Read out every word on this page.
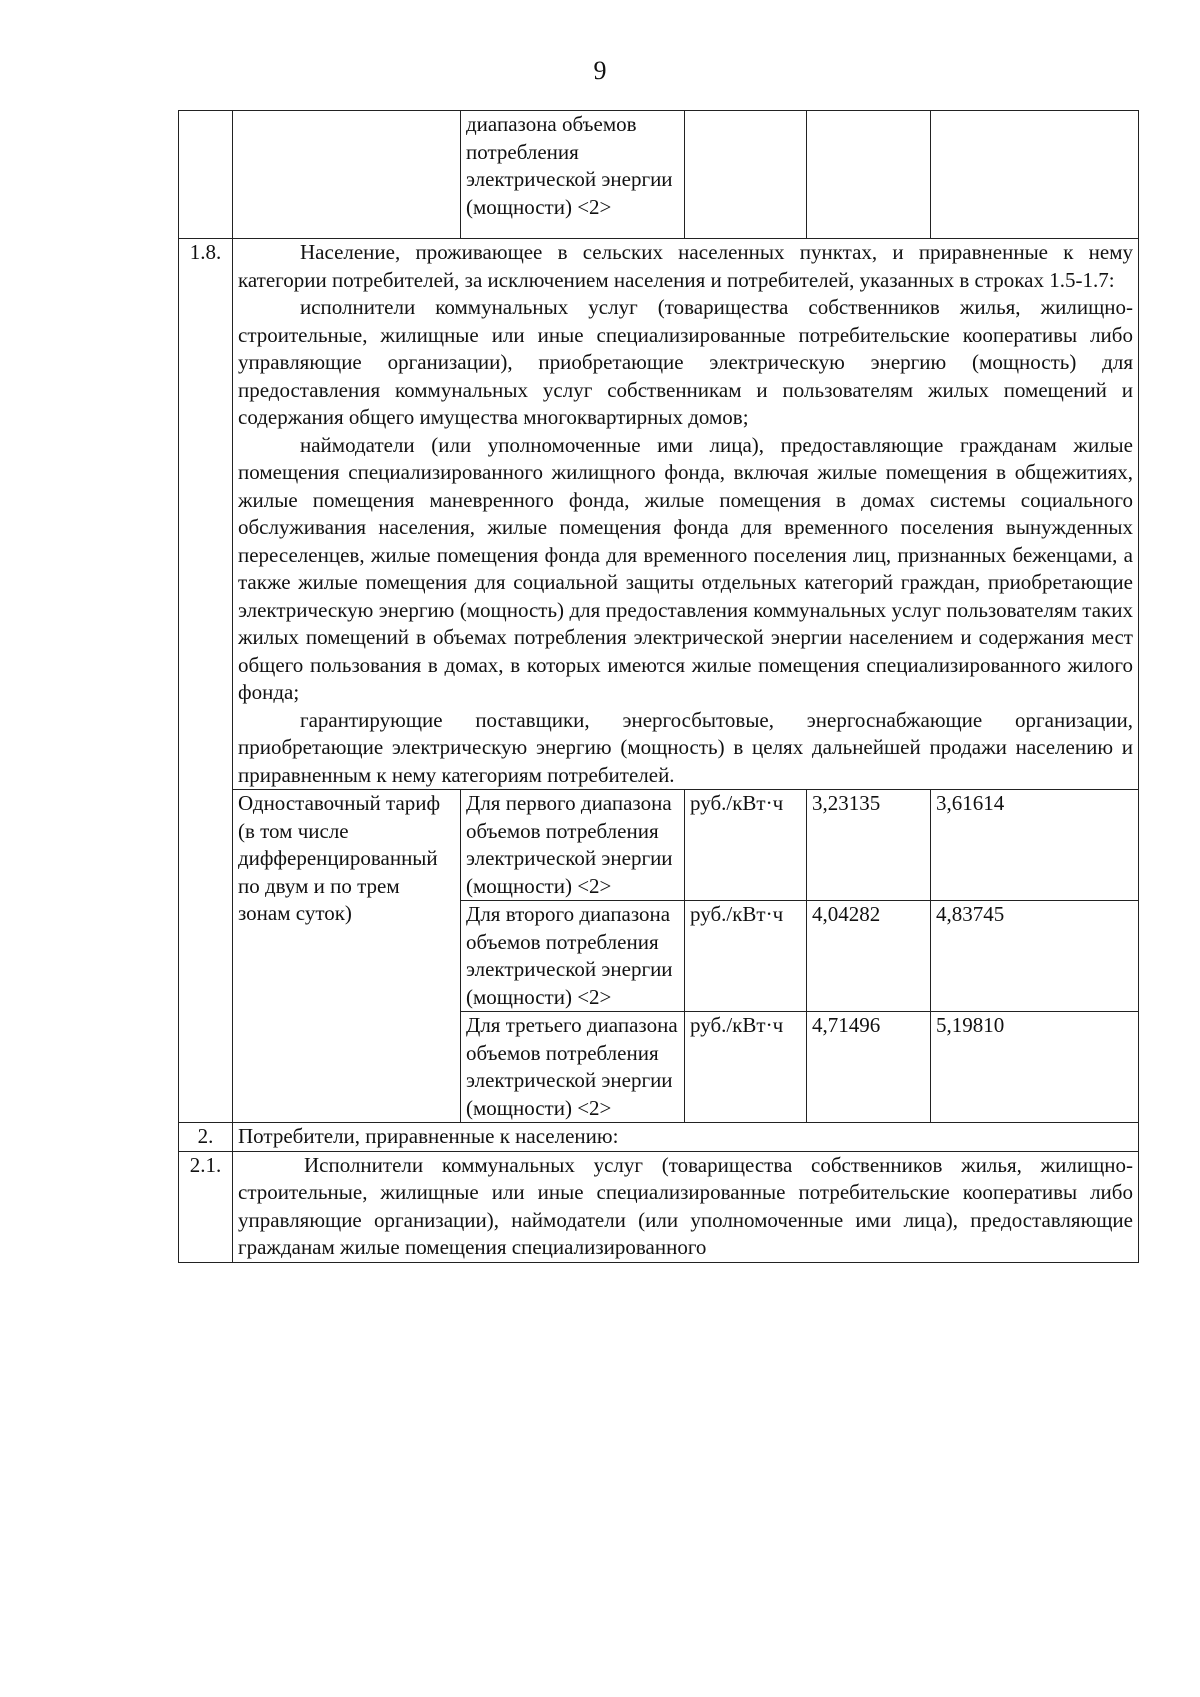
9
		диапазона объемов потребления электрической энергии (мощности) <2>			
1.8.	Население, проживающее в сельских населенных пунктах, и приравненные к нему категории потребителей, за исключением населения и потребителей, указанных в строках 1.5-1.7:

исполнители коммунальных услуг (товарищества собственников жилья, жилищно-строительные, жилищные или иные специализированные потребительские кооперативы либо управляющие организации), приобретающие электрическую энергию (мощность) для предоставления коммунальных услуг собственникам и пользователям жилых помещений и содержания общего имущества многоквартирных домов;

наймодатели (или уполномоченные ими лица), предоставляющие гражданам жилые помещения специализированного жилищного фонда, включая жилые помещения в общежитиях, жилые помещения маневренного фонда, жилые помещения в домах системы социального обслуживания населения, жилые помещения фонда для временного поселения вынужденных переселенцев, жилые помещения фонда для временного поселения лиц, признанных беженцами, а также жилые помещения для социальной защиты отдельных категорий граждан, приобретающие электрическую энергию (мощность) для предоставления коммунальных услуг пользователям таких жилых помещений в объемах потребления электрической энергии населением и содержания мест общего пользования в домах, в которых имеются жилые помещения специализированного жилого фонда;

гарантирующие поставщики, энергосбытовые, энергоснабжающие организации, приобретающие электрическую энергию (мощность) в целях дальнейшей продажи населению и приравненным к нему категориям потребителей.				

	Одноставочный тариф (в том числе дифференцированный по двум и по трем зонам суток)	Для первого диапазона объемов потребления электрической энергии (мощности) <2>	руб./кВт·ч	3,23135	3,61614
		Для второго диапазона объемов потребления электрической энергии (мощности) <2>	руб./кВт·ч	4,04282	4,83745
		Для третьего диапазона объемов потребления электрической энергии (мощности) <2>	руб./кВт·ч	4,71496	5,19810
2.	Потребители, приравненные к населению:				
2.1.	Исполнители коммунальных услуг (товарищества собственников жилья, жилищно-строительные, жилищные или иные специализированные потребительские кооперативы либо управляющие организации), наймодатели (или уполномоченные ими лица), предоставляющие гражданам жилые помещения специализированного				
